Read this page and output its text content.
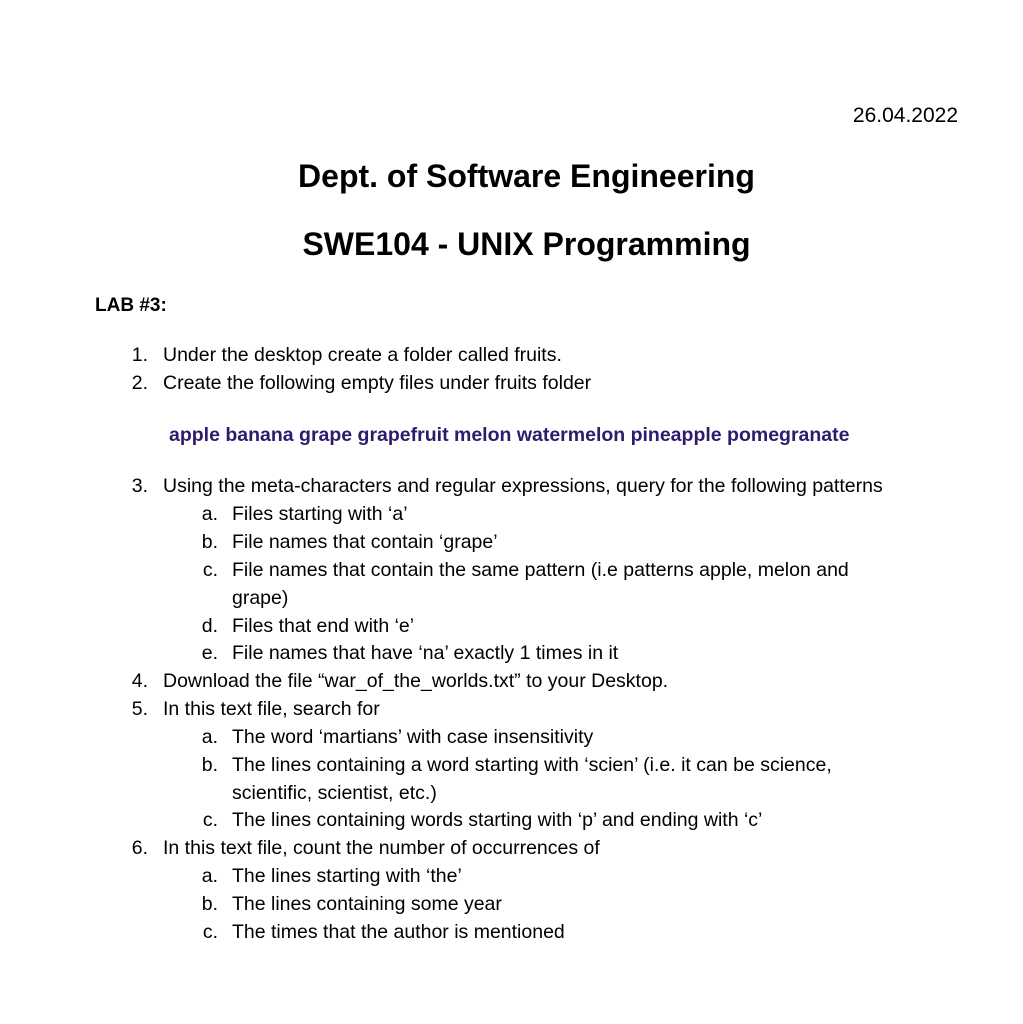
26.04.2022
Dept. of Software Engineering
SWE104 - UNIX Programming
LAB #3:
1. Under the desktop create a folder called fruits.
2. Create the following empty files under fruits folder
apple banana grape grapefruit melon watermelon pineapple pomegranate
3. Using the meta-characters and regular expressions, query for the following patterns
a. Files starting with ‘a’
b. File names that contain ‘grape’
c. File names that contain the same pattern (i.e patterns apple, melon and
grape)
d. Files that end with ‘e’
e. File names that have ‘na’ exactly 1 times in it
4. Download the file “war_of_the_worlds.txt” to your Desktop.
5. In this text file, search for
a. The word ‘martians’ with case insensitivity
b. The lines containing a word starting with ‘scien’ (i.e. it can be science,
scientific, scientist, etc.)
c. The lines containing words starting with ‘p’ and ending with ‘c’
6. In this text file, count the number of occurrences of
a. The lines starting with ‘the’
b. The lines containing some year
c. The times that the author is mentioned
